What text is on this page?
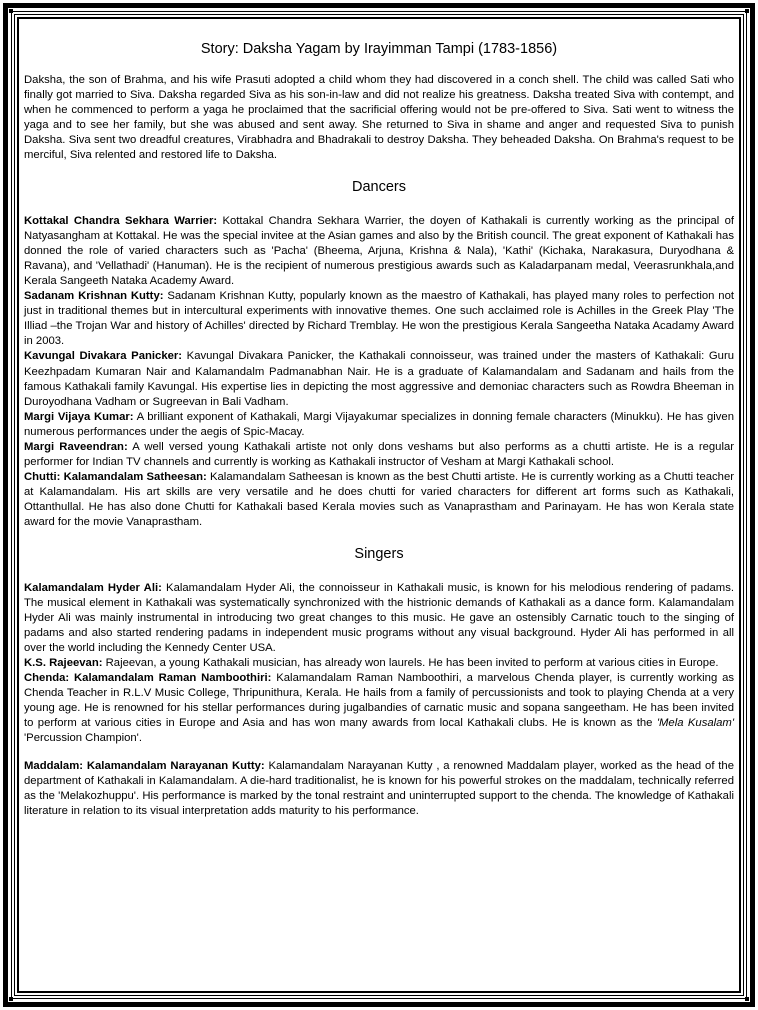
Story: Daksha Yagam by Irayimman Tampi (1783-1856)

Daksha, the son of Brahma, and his wife Prasuti adopted a child whom they had discovered in a conch shell. The child was called Sati who finally got married to Siva. Daksha regarded Siva as his son-in-law and did not realize his greatness. Daksha treated Siva with contempt, and when he commenced to perform a yaga he proclaimed that the sacrificial offering would not be pre-offered to Siva. Sati went to witness the yaga and to see her family, but she was abused and sent away. She returned to Siva in shame and anger and requested Siva to punish Daksha. Siva sent two dreadful creatures, Virabhadra and Bhadrakali to destroy Daksha. They beheaded Daksha. On Brahma's request to be merciful, Siva relented and restored life to Daksha.

Dancers

Kottakal Chandra Sekhara Warrier: Kottakal Chandra Sekhara Warrier, the doyen of Kathakali is currently working as the principal of Natyasangham at Kottakal. He was the special invitee at the Asian games and also by the British council. The great exponent of Kathakali has donned the role of varied characters such as 'Pacha' (Bheema, Arjuna, Krishna & Nala), 'Kathi' (Kichaka, Narakasura, Duryodhana & Ravana), and 'Vellathadi' (Hanuman). He is the recipient of numerous prestigious awards such as Kaladarpanam medal, Veerasrunkhala,and Kerala Sangeeth Nataka Academy Award.

Sadanam Krishnan Kutty: Sadanam Krishnan Kutty, popularly known as the maestro of Kathakali, has played many roles to perfection not just in traditional themes but in intercultural experiments with innovative themes. One such acclaimed role is Achilles in the Greek Play 'The Illiad –the Trojan War and history of Achilles' directed by Richard Tremblay. He won the prestigious Kerala Sangeetha Nataka Acadamy Award in 2003.

Kavungal Divakara Panicker: Kavungal Divakara Panicker, the Kathakali connoisseur, was trained under the masters of Kathakali: Guru Keezhpadam Kumaran Nair and Kalamandalm Padmanabhan Nair. He is a graduate of Kalamandalam and Sadanam and hails from the famous Kathakali family Kavungal. His expertise lies in depicting the most aggressive and demoniac characters such as Rowdra Bheeman in Duroyodhana Vadham or Sugreevan in Bali Vadham.

Margi Vijaya Kumar: A brilliant exponent of Kathakali, Margi Vijayakumar specializes in donning female characters (Minukku). He has given numerous performances under the aegis of Spic-Macay.

Margi Raveendran: A well versed young Kathakali artiste not only dons veshams but also performs as a chutti artiste. He is a regular performer for Indian TV channels and currently is working as Kathakali instructor of Vesham at Margi Kathakali school.

Chutti: Kalamandalam Satheesan: Kalamandalam Satheesan is known as the best Chutti artiste. He is currently working as a Chutti teacher at Kalamandalam. His art skills are very versatile and he does chutti for varied characters for different art forms such as Kathakali, Ottanthullal. He has also done Chutti for Kathakali based Kerala movies such as Vanaprastham and Parinayam. He has won Kerala state award for the movie Vanaprastham.

Singers

Kalamandalam Hyder Ali: Kalamandalam Hyder Ali, the connoisseur in Kathakali music, is known for his melodious rendering of padams. The musical element in Kathakali was systematically synchronized with the histrionic demands of Kathakali as a dance form. Kalamandalam Hyder Ali was mainly instrumental in introducing two great changes to this music. He gave an ostensibly Carnatic touch to the singing of padams and also started rendering padams in independent music programs without any visual background. Hyder Ali has performed in all over the world including the Kennedy Center USA.

K.S. Rajeevan: Rajeevan, a young Kathakali musician, has already won laurels. He has been invited to perform at various cities in Europe.

Chenda: Kalamandalam Raman Namboothiri: Kalamandalam Raman Namboothiri, a marvelous Chenda player, is currently working as Chenda Teacher in R.L.V Music College, Thripunithura, Kerala. He hails from a family of percussionists and took to playing Chenda at a very young age. He is renowned for his stellar performances during jugalbandies of carnatic music and sopana sangeetham. He has been invited to perform at various cities in Europe and Asia and has won many awards from local Kathakali clubs. He is known as the 'Mela Kusalam' 'Percussion Champion'.

Maddalam: Kalamandalam Narayanan Kutty: Kalamandalam Narayanan Kutty , a renowned Maddalam player, worked as the head of the department of Kathakali in Kalamandalam. A die-hard traditionalist, he is known for his powerful strokes on the maddalam, technically referred as the 'Melakozhuppu'. His performance is marked by the tonal restraint and uninterrupted support to the chenda. The knowledge of Kathakali literature in relation to its visual interpretation adds maturity to his performance.
